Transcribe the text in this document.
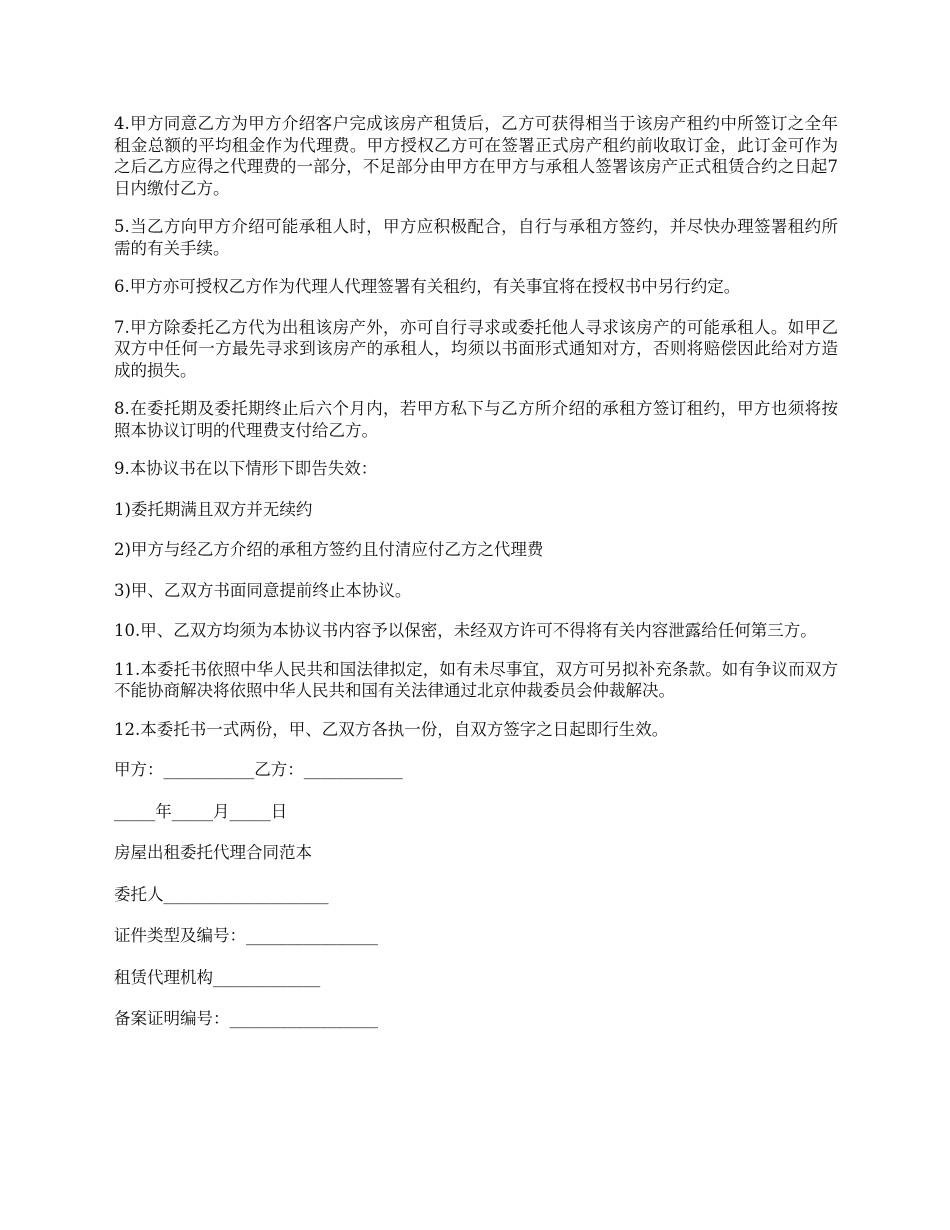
4.甲方同意乙方为甲方介绍客户完成该房产租赁后，乙方可获得相当于该房产租约中所签订之全年租金总额的平均租金作为代理费。甲方授权乙方可在签署正式房产租约前收取订金，此订金可作为之后乙方应得之代理费的一部分，不足部分由甲方在甲方与承租人签署该房产正式租赁合约之日起7日内缴付乙方。

5.当乙方向甲方介绍可能承租人时，甲方应积极配合，自行与承租方签约，并尽快办理签署租约所需的有关手续。

6.甲方亦可授权乙方作为代理人代理签署有关租约，有关事宜将在授权书中另行约定。

7.甲方除委托乙方代为出租该房产外，亦可自行寻求或委托他人寻求该房产的可能承租人。如甲乙双方中任何一方最先寻求到该房产的承租人，均须以书面形式通知对方，否则将赔偿因此给对方造成的损失。

8.在委托期及委托期终止后六个月内，若甲方私下与乙方所介绍的承租方签订租约，甲方也须将按照本协议订明的代理费支付给乙方。

9.本协议书在以下情形下即告失效：

1)委托期满且双方并无续约

2)甲方与经乙方介绍的承租方签约且付清应付乙方之代理费

3)甲、乙双方书面同意提前终止本协议。

10.甲、乙双方均须为本协议书内容予以保密，未经双方许可不得将有关内容泄露给任何第三方。

11.本委托书依照中华人民共和国法律拟定，如有未尽事宜，双方可另拟补充条款。如有争议而双方不能协商解决将依照中华人民共和国有关法律通过北京仲裁委员会仲裁解决。

12.本委托书一式两份，甲、乙双方各执一份，自双方签字之日起即行生效。

甲方：___________乙方：____________

_____年_____月_____日

房屋出租委托代理合同范本

委托人____________________

证件类型及编号：________________

租赁代理机构_____________

备案证明编号：__________________
